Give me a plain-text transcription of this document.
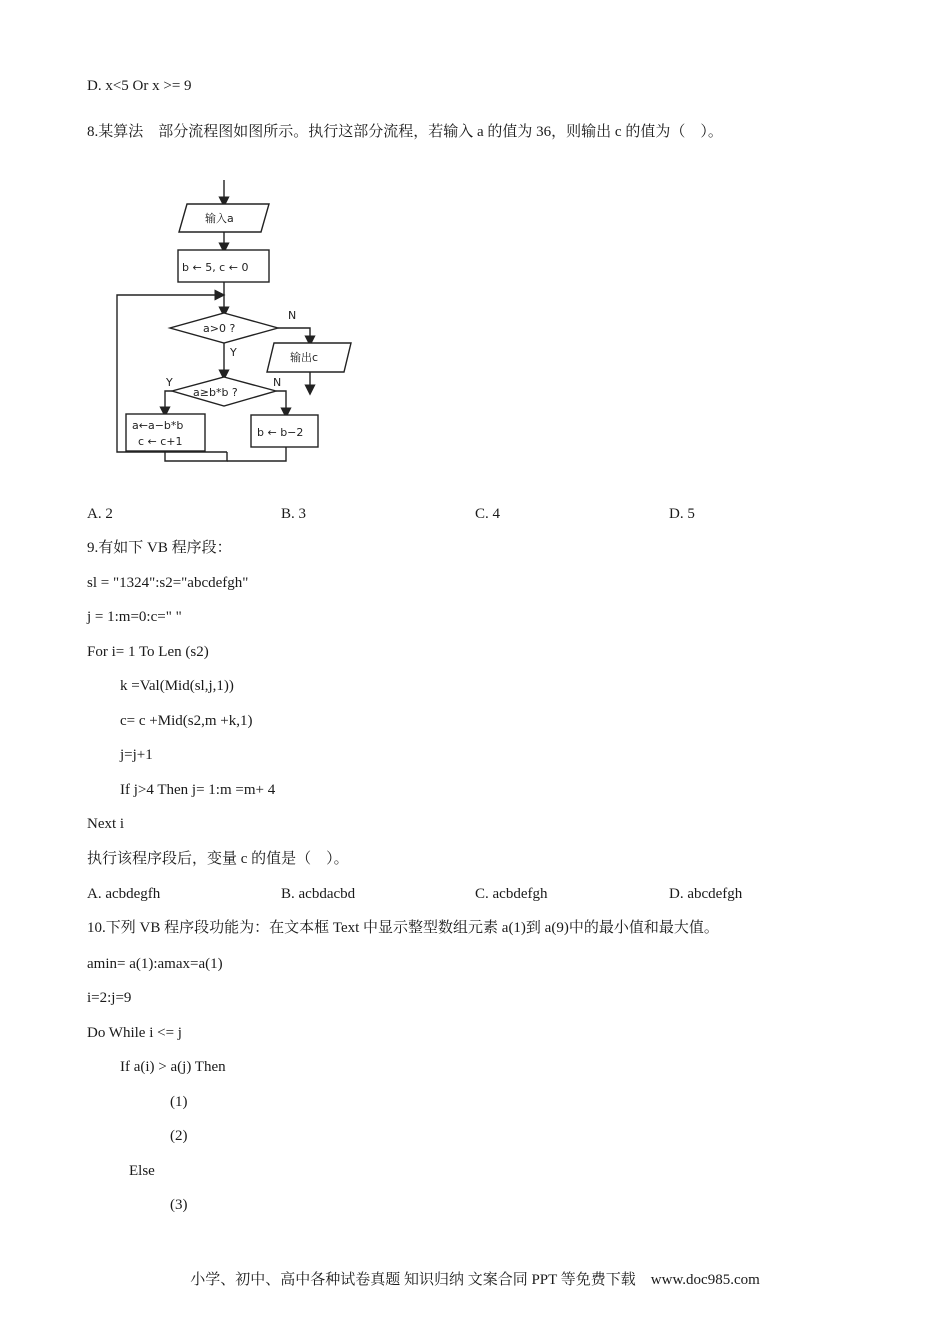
D. x<5 Or x >= 9
8.某算法　部分流程图如图所示。执行这部分流程，若输入 a 的值为 36，则输出 c 的值为（　）。
输入a
b ← 5, c ← 0
a>0 ?
N
Y	输出c
a≥b*b ?
Y	N
a←a−b*b
c ← c+1
b ← b−2
A. 2	B. 3	C. 4	D. 5
9.有如下 VB 程序段：
sl = "1324":s2="abcdefgh"
j = 1:m=0:c=" "
For i= 1 To Len (s2)
k =Val(Mid(sl,j,1))
c= c +Mid(s2,m +k,1)
j=j+1
If j>4 Then j= 1:m =m+ 4
Next i
执行该程序段后，变量 c 的值是（　）。
A. acbdegfh	B. acbdacbd	C. acbdefgh	D. abcdefgh
10.下列 VB 程序段功能为：在文本框 Text 中显示整型数组元素 a(1)到 a(9)中的最小值和最大值。
amin= a(1):amax=a(1)
i=2:j=9
Do While i <= j
If a(i) > a(j) Then
(1)
(2)
Else
(3)
小学、初中、高中各种试卷真题 知识归纳 文案合同 PPT 等免费下载　www.doc985.com
